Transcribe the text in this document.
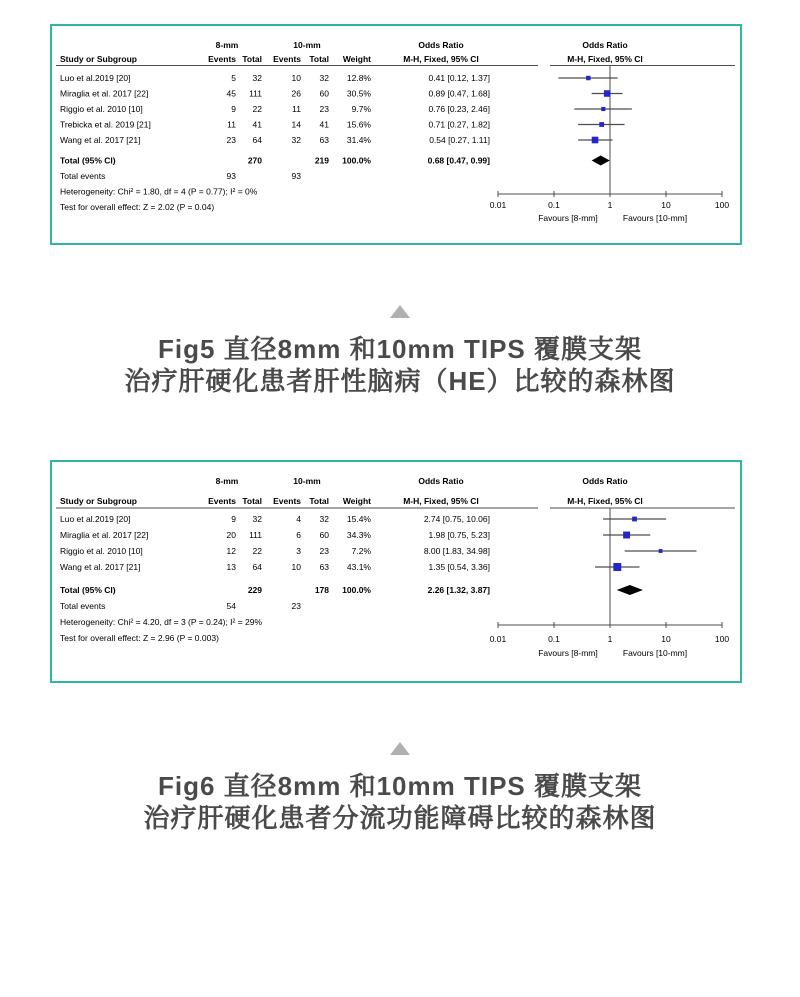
8-mm	10-mm	Odds Ratio	Odds Ratio
Study or Subgroup	Events Total Events Total Weight	M-H, Fixed, 95% CI	M-H, Fixed, 95% CI
Luo et al.2019 [20]	5 32	10 32 12.8%	0.41 [0.12, 1.37]
Miraglia et al. 2017 [22]	45 111	26 60 30.5%	0.89 [0.47, 1.68]
Riggio et al. 2010 [10]	9 22	11 23	9.7%	0.76 [0.23, 2.46]
Trebicka et al. 2019 [21]	11 41	14 41 15.6%	0.71 [0.27, 1.82]
Wang et al. 2017 [21]	23 64	32 63 31.4%	0.54 [0.27, 1.11]
Total (95% CI)	270	219 100.0%	0.68 [0.47, 0.99]
Total events	93	93
Heterogeneity: Chi² = 1.80, df = 4 (P = 0.77); I² = 0%
Test for overall effect: Z = 2.02 (P = 0.04)	0.01	0.1	1	10	100
Favours [8-mm]	Favours [10-mm]
Fig5 直径8mm 和10mm TIPS 覆膜支架
治疗肝硬化患者肝性脑病（HE）比较的森林图
8-mm	10-mm	Odds Ratio	Odds Ratio
Study or Subgroup	Events Total Events Total Weight	M-H, Fixed, 95% CI	M-H, Fixed, 95% CI
Luo et al.2019 [20]	9 32	4 32 15.4%	2.74 [0.75, 10.06]
Miraglia et al. 2017 [22]	20 111	6 60 34.3%	1.98 [0.75, 5.23]
Riggio et al. 2010 [10]	12 22	3 23	7.2%	8.00 [1.83, 34.98]
Wang et al. 2017 [21]	13 64	10 63 43.1%	1.35 [0.54, 3.36]
Total (95% CI)	229	178 100.0%	2.26 [1.32, 3.87]
Total events	54	23
Heterogeneity: Chi² = 4.20, df = 3 (P = 0.24); I² = 29%
Test for overall effect: Z = 2.96 (P = 0.003)	0.01	0.1	1	10	100
Favours [8-mm]	Favours [10-mm]
Fig6 直径8mm 和10mm TIPS 覆膜支架
治疗肝硬化患者分流功能障碍比较的森林图
